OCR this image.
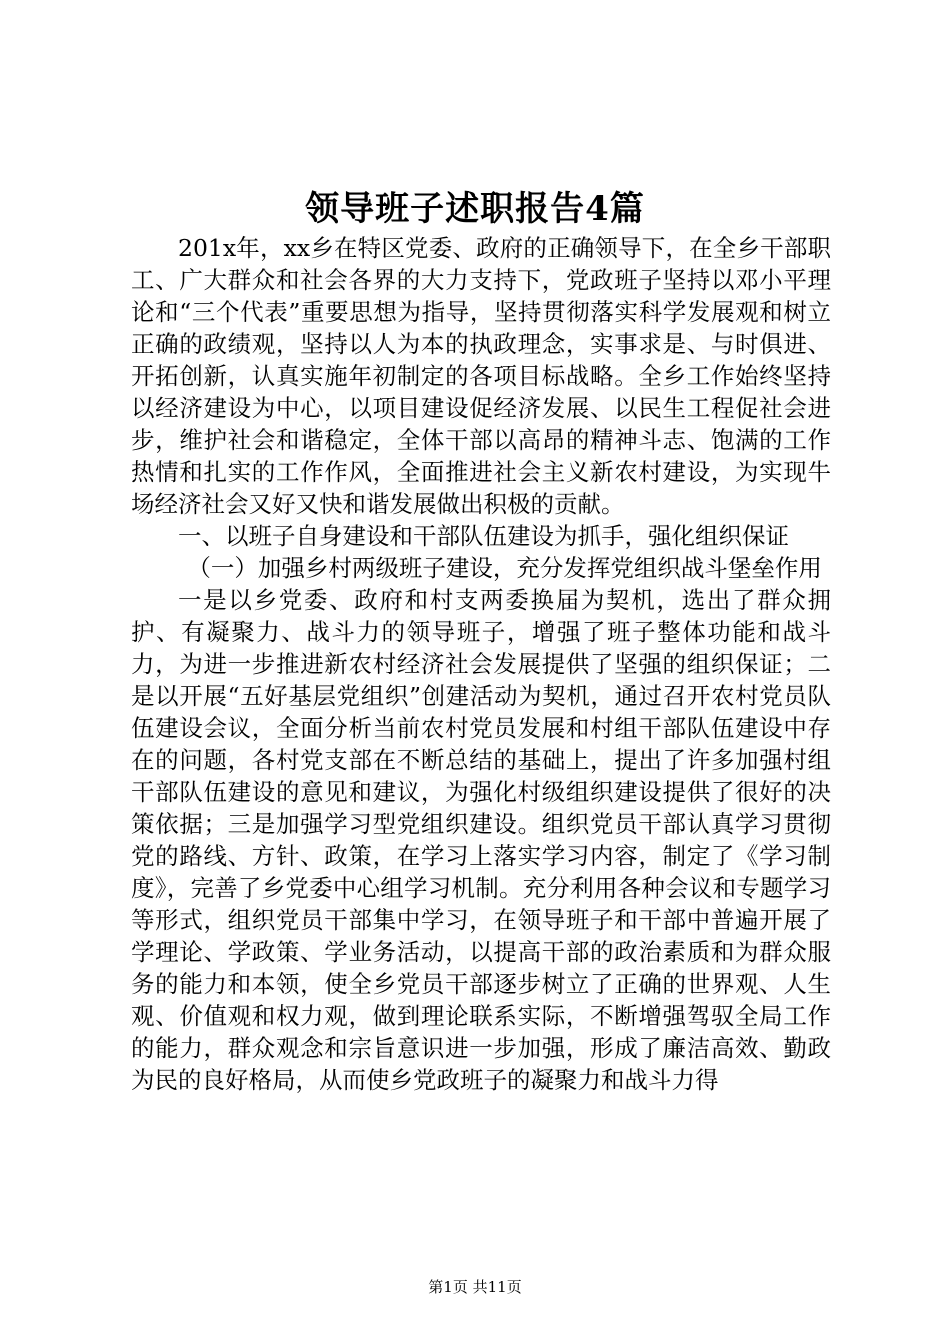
领导班子述职报告4篇

201x年，xx乡在特区党委、政府的正确领导下，在全乡干部职工、广大群众和社会各界的大力支持下，党政班子坚持以邓小平理论和“三个代表”重要思想为指导，坚持贯彻落实科学发展观和树立正确的政绩观，坚持以人为本的执政理念，实事求是、与时俱进、开拓创新，认真实施年初制定的各项目标战略。全乡工作始终坚持以经济建设为中心，以项目建设促经济发展、以民生工程促社会进步，维护社会和谐稳定，全体干部以高昂的精神斗志、饱满的工作热情和扎实的工作作风，全面推进社会主义新农村建设，为实现牛场经济社会又好又快和谐发展做出积极的贡献。

一、以班子自身建设和干部队伍建设为抓手，强化组织保证

（一）加强乡村两级班子建设，充分发挥党组织战斗堡垒作用

一是以乡党委、政府和村支两委换届为契机，选出了群众拥护、有凝聚力、战斗力的领导班子，增强了班子整体功能和战斗力，为进一步推进新农村经济社会发展提供了坚强的组织保证；二是以开展“五好基层党组织”创建活动为契机，通过召开农村党员队伍建设会议，全面分析当前农村党员发展和村组干部队伍建设中存在的问题，各村党支部在不断总结的基础上，提出了许多加强村组干部队伍建设的意见和建议，为强化村级组织建设提供了很好的决策依据；三是加强学习型党组织建设。组织党员干部认真学习贯彻党的路线、方针、政策，在学习上落实学习内容，制定了《学习制度》，完善了乡党委中心组学习机制。充分利用各种会议和专题学习等形式，组织党员干部集中学习，在领导班子和干部中普遍开展了学理论、学政策、学业务活动，以提高干部的政治素质和为群众服务的能力和本领，使全乡党员干部逐步树立了正确的世界观、人生观、价值观和权力观，做到理论联系实际，不断增强驾驭全局工作的能力，群众观念和宗旨意识进一步加强，形成了廉洁高效、勤政为民的良好格局，从而使乡党政班子的凝聚力和战斗力得

第1页 共11页
